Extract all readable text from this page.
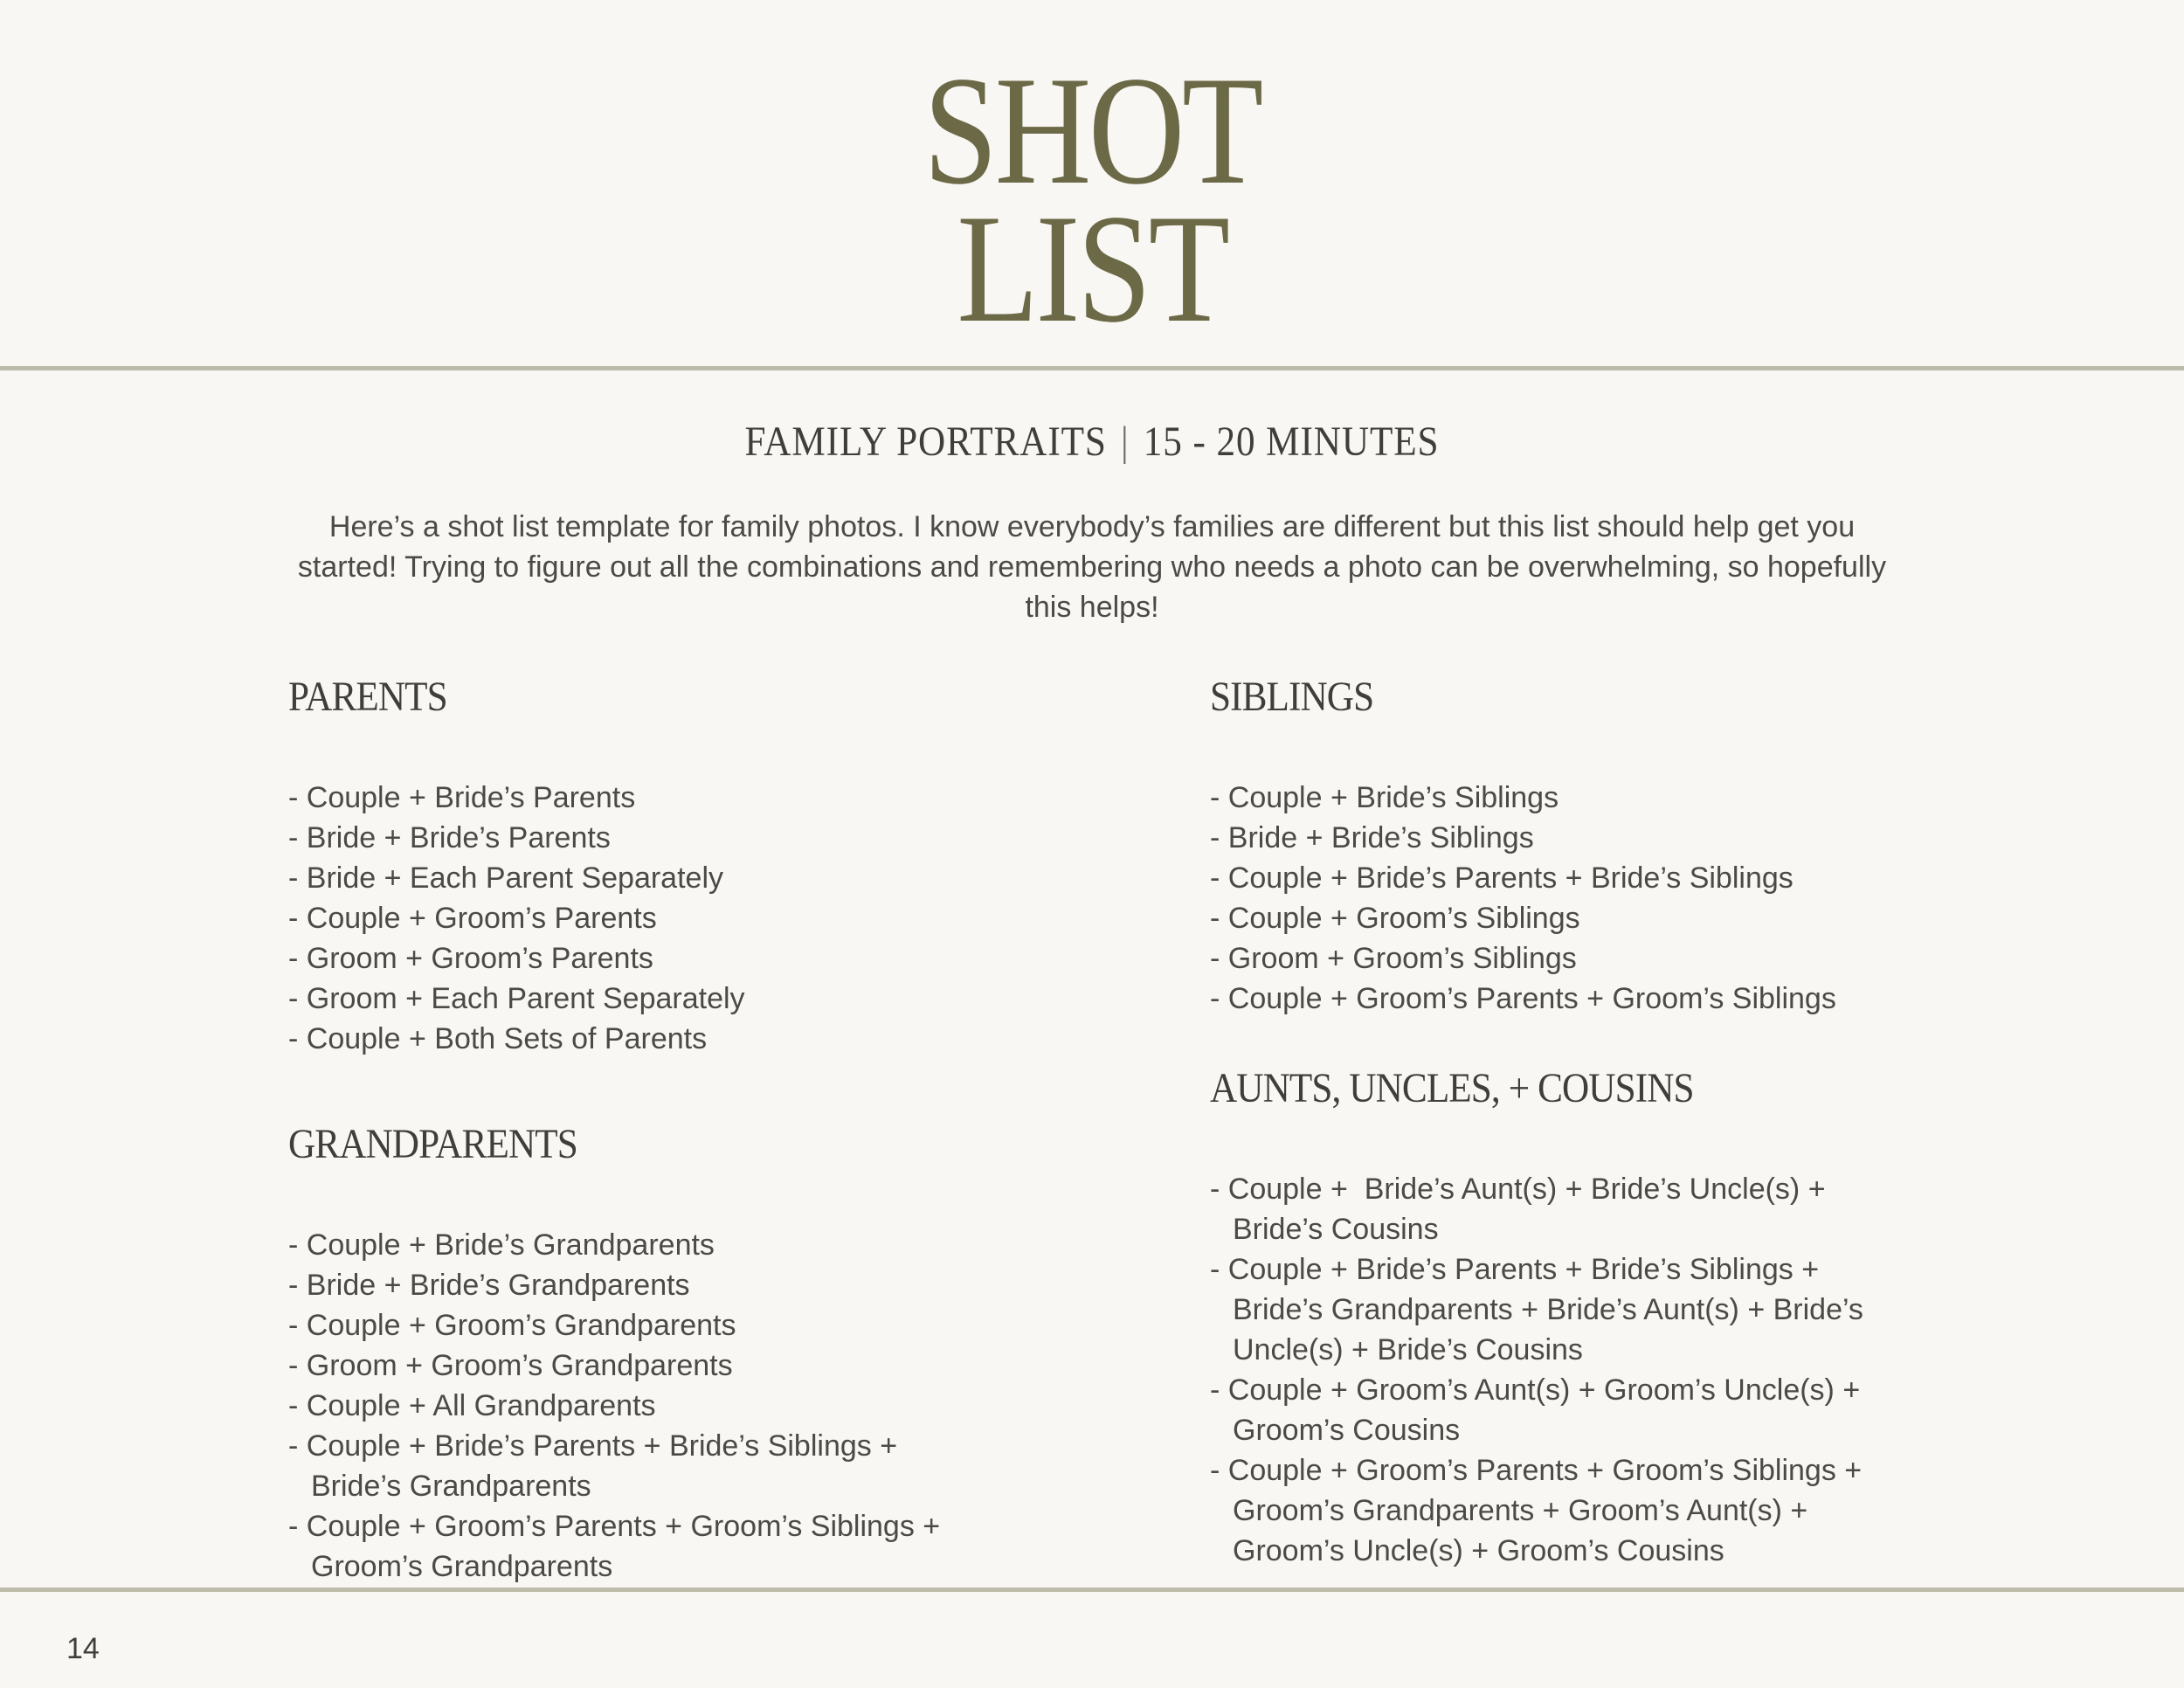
SHOT
LIST
FAMILY PORTRAITS | 15 - 20 MINUTES

Here’s a shot list template for family photos. I know everybody’s families are different but this list should help get you started! Trying to figure out all the combinations and remembering who needs a photo can be overwhelming, so hopefully this helps!

PARENTS
- Couple + Bride’s Parents
- Bride + Bride’s Parents
- Bride + Each Parent Separately
- Couple + Groom’s Parents
- Groom + Groom’s Parents
- Groom + Each Parent Separately
- Couple + Both Sets of Parents
GRANDPARENTS
- Couple + Bride’s Grandparents
- Bride + Bride’s Grandparents
- Couple + Groom’s Grandparents
- Groom + Groom’s Grandparents
- Couple + All Grandparents
- Couple + Bride’s Parents + Bride’s Siblings + Bride’s Grandparents
- Couple + Groom’s Parents + Groom’s Siblings + Groom’s Grandparents
SIBLINGS
- Couple + Bride’s Siblings
- Bride + Bride’s Siblings
- Couple + Bride’s Parents + Bride’s Siblings
- Couple + Groom’s Siblings
- Groom + Groom’s Siblings
- Couple + Groom’s Parents + Groom’s Siblings
AUNTS, UNCLES, + COUSINS
- Couple +  Bride’s Aunt(s) + Bride’s Uncle(s) + Bride’s Cousins
- Couple + Bride’s Parents + Bride’s Siblings + Bride’s Grandparents + Bride’s Aunt(s) + Bride’s Uncle(s) + Bride’s Cousins
- Couple + Groom’s Aunt(s) + Groom’s Uncle(s) + Groom’s Cousins
- Couple + Groom’s Parents + Groom’s Siblings + Groom’s Grandparents + Groom’s Aunt(s) + Groom’s Uncle(s) + Groom’s Cousins
14
